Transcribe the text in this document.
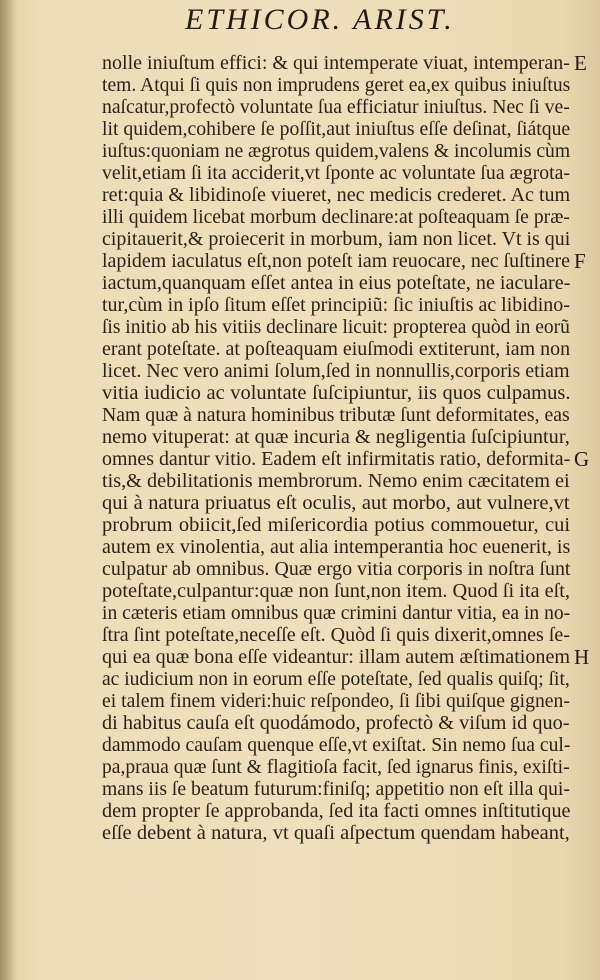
ETHICOR. ARIST.
nolle iniuſtum effici: & qui intemperate viuat, intemperan-
tem. Atqui ſi quis non imprudens geret ea,ex quibus iniuſtus
naſcatur,profectò voluntate ſua efficiatur iniuſtus. Nec ſi ve-
lit quidem,cohibere ſe poſſit,aut iniuſtus eſſe deſinat, ſiátque
iuſtus:quoniam ne ægrotus quidem,valens & incolumis cùm
velit,etiam ſi ita acciderit,vt ſponte ac voluntate ſua ægrota-
ret:quia & libidinoſe viueret, nec medicis crederet. Ac tum
illi quidem licebat morbum declinare:at poſteaquam ſe præ-
cipitauerit,& proiecerit in morbum, iam non licet. Vt is qui
lapidem iaculatus eſt,non poteſt iam reuocare, nec ſuſtinere
iactum,quanquam eſſet antea in eius poteſtate, ne iaculare-
tur,cùm in ipſo ſitum eſſet principiũ: ſic iniuſtis ac libidino-
ſis initio ab his vitiis declinare licuit: propterea quòd in eorũ
erant poteſtate. at poſteaquam eiuſmodi extiterunt, iam non
licet. Nec vero animi ſolum,ſed in nonnullis,corporis etiam
vitia iudicio ac voluntate ſuſcipiuntur, iis quos culpamus.
Nam quæ à natura hominibus tributæ ſunt deformitates, eas
nemo vituperat: at quæ incuria & negligentia ſuſcipiuntur,
omnes dantur vitio. Eadem eſt infirmitatis ratio, deformita-
tis,& debilitationis membrorum. Nemo enim cæcitatem ei
qui à natura priuatus eſt oculis, aut morbo, aut vulnere,vt
probrum obiicit,ſed miſericordia potius commouetur, cui
autem ex vinolentia, aut alia intemperantia hoc euenerit, is
culpatur ab omnibus. Quæ ergo vitia corporis in noſtra ſunt
poteſtate,culpantur:quæ non ſunt,non item. Quod ſi ita eſt,
in cæteris etiam omnibus quæ crimini dantur vitia, ea in no-
ſtra ſint poteſtate,neceſſe eſt. Quòd ſi quis dixerit,omnes ſe-
qui ea quæ bona eſſe videantur: illam autem æſtimationem
ac iudicium non in eorum eſſe poteſtate, ſed qualis quiſq; ſit,
ei talem finem videri:huic reſpondeo, ſi ſibi quiſque gignen-
di habitus cauſa eſt quodámodo, profectò & viſum id quo-
dammodo cauſam quenque eſſe,vt exiſtat. Sin nemo ſua cul-
pa,praua quæ ſunt & flagitioſa facit, ſed ignarus finis, exiſti-
mans iis ſe beatum futurum:finiſq; appetitio non eſt illa qui-
dem propter ſe approbanda, ſed ita facti omnes inſtitutique
eſſe debent à natura, vt quaſi aſpectum quendam habeant,
E
F
G
H
